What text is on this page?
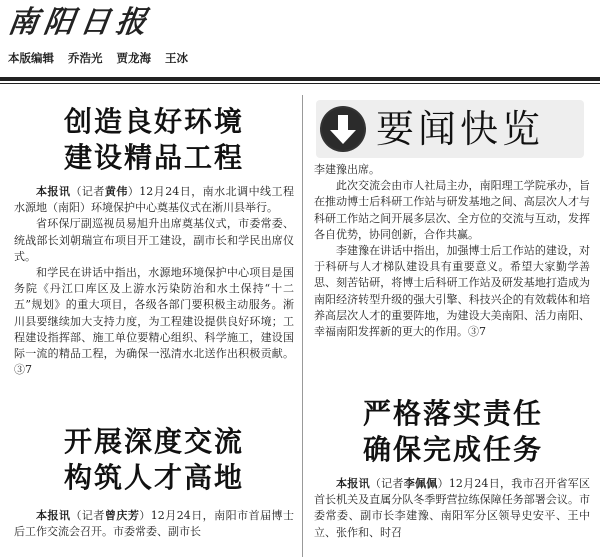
南阳日报
本版编辑 乔浩光 贾龙海 王冰
创造良好环境
建设精品工程

本报讯（记者黄伟）12月24日，南水北调中线工程水源地（南阳）环境保护中心奠基仪式在淅川县举行。

省环保厅副巡视员易旭升出席奠基仪式，市委常委、统战部长刘朝瑞宣布项目开工建设，副市长和学民出席仪式。

和学民在讲话中指出，水源地环境保护中心项目是国务院《丹江口库区及上游水污染防治和水土保持“十二五”规划》的重大项目，各级各部门要积极主动服务。淅川县要继续加大支持力度，为工程建设提供良好环境；工程建设指挥部、施工单位要精心组织、科学施工，建设国际一流的精品工程，为确保一泓清水北送作出积极贡献。③7

开展深度交流
构筑人才高地

本报讯（记者曾庆芳）12月24日，南阳市首届博士后工作交流会召开。市委常委、副市长

要闻快览

李建豫出席。

此次交流会由市人社局主办，南阳理工学院承办，旨在推动博士后科研工作站与研发基地之间、高层次人才与科研工作站之间开展多层次、全方位的交流与互动，发挥各自优势，协同创新，合作共赢。

李建豫在讲话中指出，加强博士后工作站的建设，对于科研与人才梯队建设具有重要意义。希望大家勤学善思、刻苦钻研，将博士后科研工作站及研发基地打造成为南阳经济转型升级的强大引擎、科技兴企的有效载体和培养高层次人才的重要阵地，为建设大美南阳、活力南阳、幸福南阳发挥新的更大的作用。③7

严格落实责任
确保完成任务

本报讯（记者李佩佩）12月24日，我市召开省军区首长机关及直属分队冬季野营拉练保障任务部署会议。市委常委、副市长李建豫、南阳军分区领导史安平、王中立、张作和、时召
